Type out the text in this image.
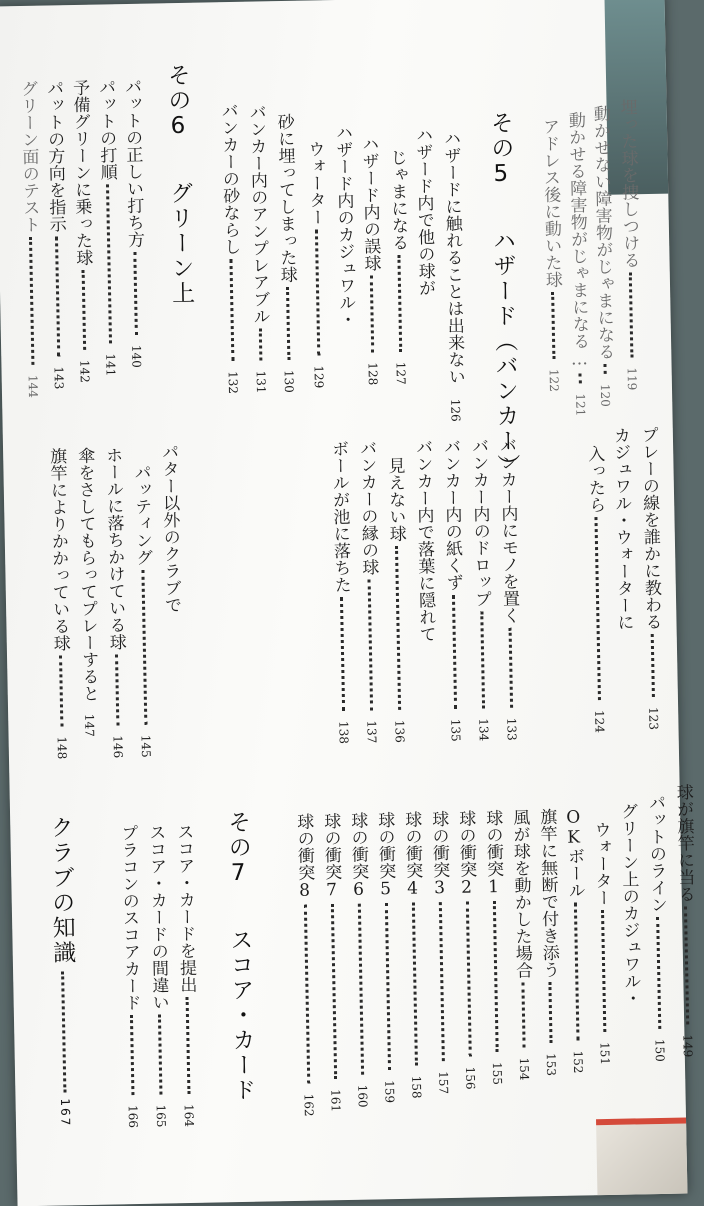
埋った球を捜しつける
119
動かせない障害物がじゃまになる
120
動かせる障害物がじゃまになる…
121
アドレス後に動いた球
122
その5
ハザード（バンカー）
ハザードに触れることは出来ない
126
ハザード内で他の球が
じゃまになる
127
ハザード内の誤球
128
ハザード内のカジュワル・
ウォーター
129
砂に埋ってしまった球
130
バンカー内のアンプレアブル
131
バンカーの砂ならし
132
その6
グリーン上
パットの正しい打ち方
140
パットの打順
141
予備グリーンに乗った球
142
パットの方向を指示
143
グリーン面のテスト
144
プレーの線を誰かに教わる
123
カジュワル・ウォーターに
入ったら
124
バンカー内にモノを置く
133
バンカー内のドロップ
134
バンカー内の紙くず
135
バンカー内で落葉に隠れて
見えない球
136
バンカーの縁の球
137
ボールが池に落ちた
138
パター以外のクラブで
パッティング
145
ホールに落ちかけている球
146
傘をさしてもらってプレーすると
147
旗竿によりかかっている球
148
球が旗竿に当る
149
パットのライン
150
グリーン上のカジュワル・
ウォーター
151
OKボール
152
旗竿に無断で付き添う
153
風が球を動かした場合
154
球の衝突1
155
球の衝突2
156
球の衝突3
157
球の衝突4
158
球の衝突5
159
球の衝突6
160
球の衝突7
161
球の衝突8
162
その7
スコア・カード
スコア・カードを提出
164
スコア・カードの間違い
165
プラコンのスコアカード
166
クラブの知識
167
